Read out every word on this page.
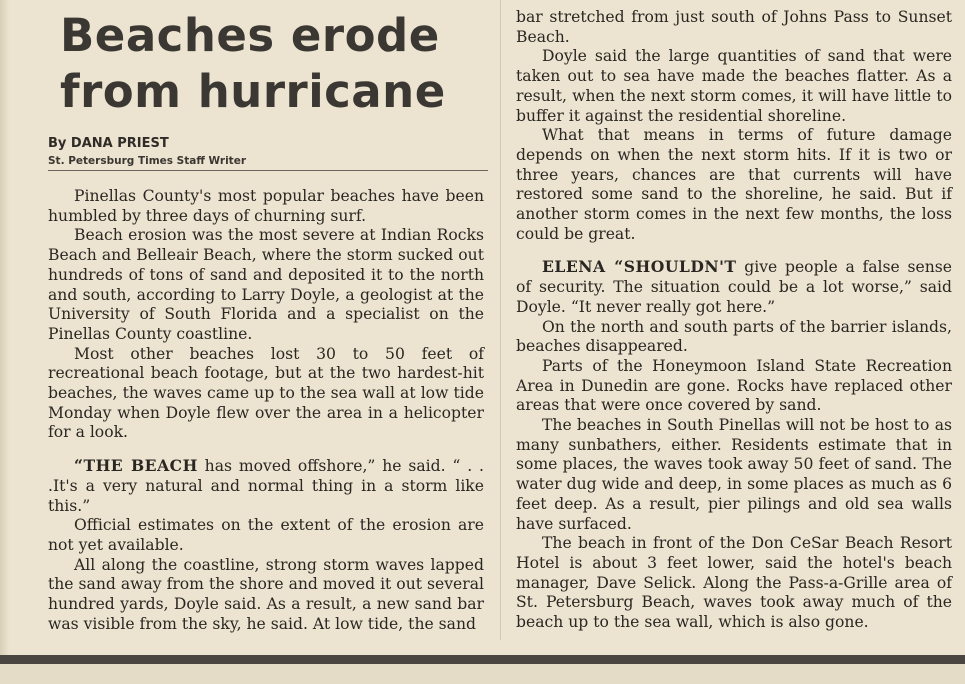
Beaches erode from hurricane
By DANA PRIEST
St. Petersburg Times Staff Writer

Pinellas County's most popular beaches have been humbled by three days of churning surf.

Beach erosion was the most severe at Indian Rocks Beach and Belleair Beach, where the storm sucked out hundreds of tons of sand and deposited it to the north and south, according to Larry Doyle, a geologist at the University of South Florida and a specialist on the Pinellas County coastline.

Most other beaches lost 30 to 50 feet of recreational beach footage, but at the two hardest-hit beaches, the waves came up to the sea wall at low tide Monday when Doyle flew over the area in a helicopter for a look.

“THE BEACH has moved offshore,” he said. “ . . .It's a very natural and normal thing in a storm like this.”

Official estimates on the extent of the erosion are not yet available.

All along the coastline, strong storm waves lapped the sand away from the shore and moved it out several hundred yards, Doyle said. As a result, a new sand bar was visible from the sky, he said. At low tide, the sand

bar stretched from just south of Johns Pass to Sunset Beach.

Doyle said the large quantities of sand that were taken out to sea have made the beaches flatter. As a result, when the next storm comes, it will have little to buffer it against the residential shoreline.

What that means in terms of future damage depends on when the next storm hits. If it is two or three years, chances are that currents will have restored some sand to the shoreline, he said. But if another storm comes in the next few months, the loss could be great.

ELENA “SHOULDN'T give people a false sense of security. The situation could be a lot worse,” said Doyle. “It never really got here.”

On the north and south parts of the barrier islands, beaches disappeared.

Parts of the Honeymoon Island State Recreation Area in Dunedin are gone. Rocks have replaced other areas that were once covered by sand.

The beaches in South Pinellas will not be host to as many sunbathers, either. Residents estimate that in some places, the waves took away 50 feet of sand. The water dug wide and deep, in some places as much as 6 feet deep. As a result, pier pilings and old sea walls have surfaced.

The beach in front of the Don CeSar Beach Resort Hotel is about 3 feet lower, said the hotel's beach manager, Dave Selick. Along the Pass-a-Grille area of St. Petersburg Beach, waves took away much of the beach up to the sea wall, which is also gone.
